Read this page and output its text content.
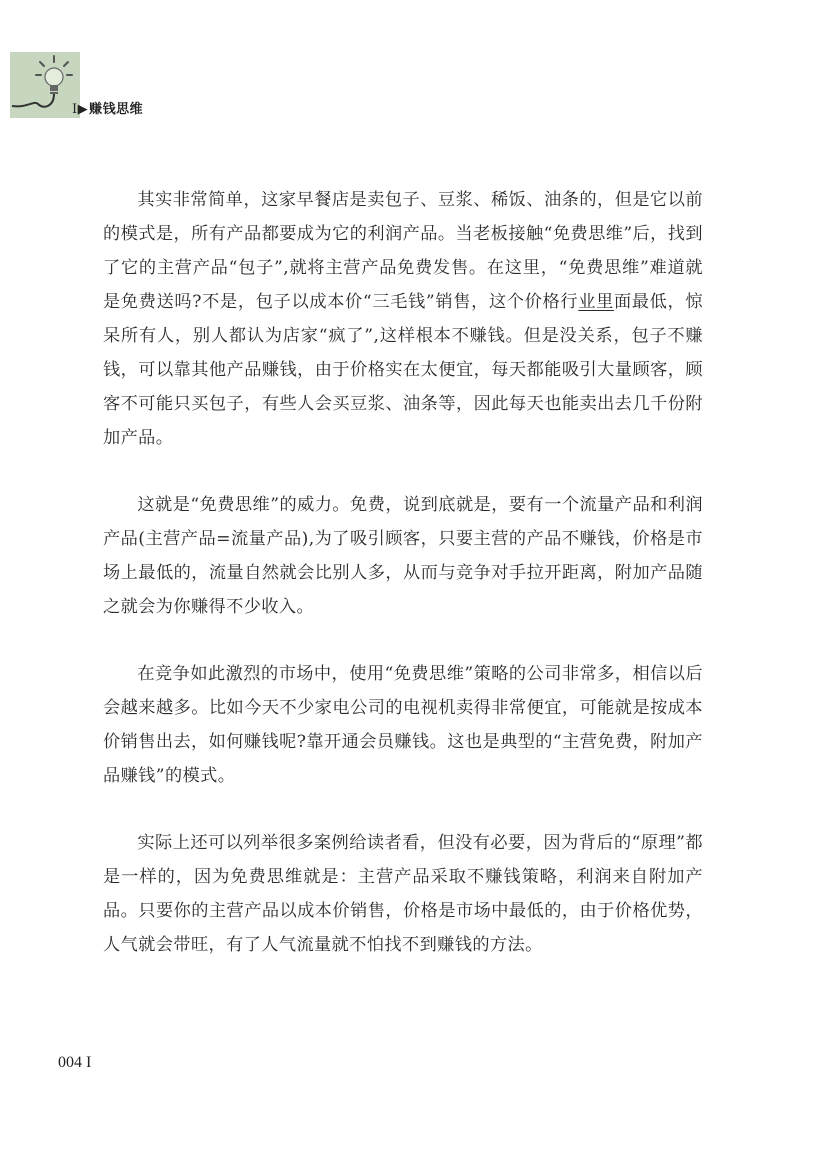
I▶赚钱思维

其实非常简单，这家早餐店是卖包子、豆浆、稀饭、油条的，但是它以前的模式是，所有产品都要成为它的利润产品。当老板接触“免费思维”后，找到了它的主营产品“包子”,就将主营产品免费发售。在这里，“免费思维”难道就是免费送吗?不是，包子以成本价“三毛钱”销售，这个价格行业里面最低，惊呆所有人，别人都认为店家“疯了”,这样根本不赚钱。但是没关系，包子不赚钱，可以靠其他产品赚钱，由于价格实在太便宜，每天都能吸引大量顾客，顾客不可能只买包子，有些人会买豆浆、油条等，因此每天也能卖出去几千份附加产品。

这就是“免费思维”的威力。免费，说到底就是，要有一个流量产品和利润产品(主营产品=流量产品),为了吸引顾客，只要主营的产品不赚钱，价格是市场上最低的，流量自然就会比别人多，从而与竞争对手拉开距离，附加产品随之就会为你赚得不少收入。

在竞争如此激烈的市场中，使用“免费思维”策略的公司非常多，相信以后会越来越多。比如今天不少家电公司的电视机卖得非常便宜，可能就是按成本价销售出去，如何赚钱呢?靠开通会员赚钱。这也是典型的“主营免费，附加产品赚钱”的模式。

实际上还可以列举很多案例给读者看，但没有必要，因为背后的“原理”都是一样的，因为免费思维就是：主营产品采取不赚钱策略，利润来自附加产品。只要你的主营产品以成本价销售，价格是市场中最低的，由于价格优势，人气就会带旺，有了人气流量就不怕找不到赚钱的方法。

004 I
